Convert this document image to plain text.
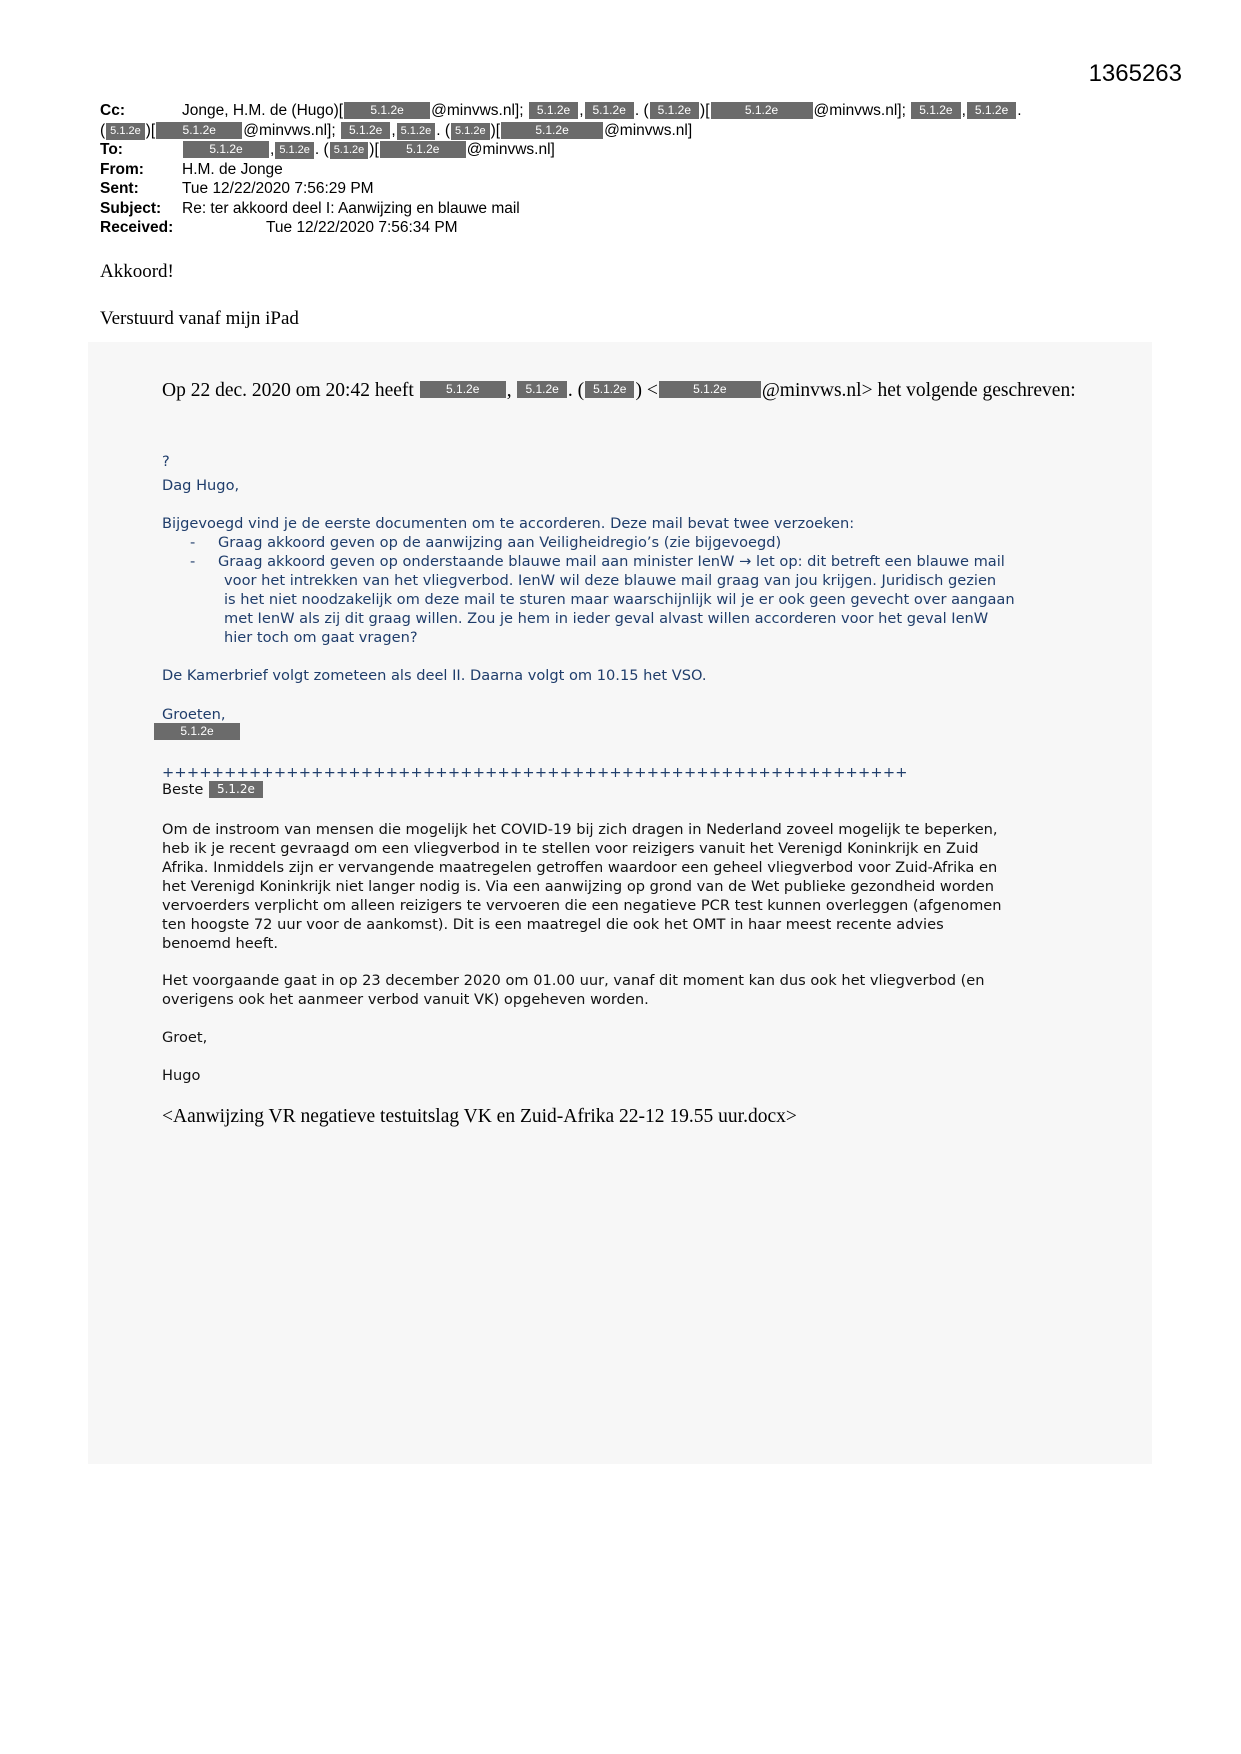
1365263
Cc:	Jonge, H.M. de (Hugo)[ 5.1.2e @minvws.nl]; 5.1.2e , 5.1.2e . ( 5.1.2e )[	5.1.2e @minvws.nl]; 5.1.2e , 5.1.2e .
( 5.1.2e )[ 5.1.2e @minvws.nl]; 5.1.2e , 5.1.2e . ( 5.1.2e )[	5.1.2e @minvws.nl]
To:	5.1.2e , 5.1.2e . ( 5.1.2e )[ 5.1.2e @minvws.nl]
From:	H.M. de Jonge
Sent:	Tue 12/22/2020 7:56:29 PM
Subject:	Re: ter akkoord deel I: Aanwijzing en blauwe mail
Received:	Tue 12/22/2020 7:56:34 PM
Akkoord!
Verstuurd vanaf mijn iPad
Op 22 dec. 2020 om 20:42 heeft	5.1.2e , 5.1.2e . ( 5.1.2e ) <	5.1.2e @minvws.nl> het volgende geschreven:
?
Dag Hugo,
Bijgevoegd vind je de eerste documenten om te accorderen. Deze mail bevat twee verzoeken:
-	Graag akkoord geven op de aanwijzing aan Veiligheidregio’s (zie bijgevoegd)
-	Graag akkoord geven op onderstaande blauwe mail aan minister IenW → let op: dit betreft een blauwe mail
voor het intrekken van het vliegverbod. IenW wil deze blauwe mail graag van jou krijgen. Juridisch gezien
is het niet noodzakelijk om deze mail te sturen maar waarschijnlijk wil je er ook geen gevecht over aangaan
met IenW als zij dit graag willen. Zou je hem in ieder geval alvast willen accorderen voor het geval IenW
hier toch om gaat vragen?
De Kamerbrief volgt zometeen als deel II. Daarna volgt om 10.15 het VSO.
Groeten,
5.1.2e
++++++++++++++++++++++++++++++++++++++++++++++++++++++++++++
Beste 5.1.2e
Om de instroom van mensen die mogelijk het COVID-19 bij zich dragen in Nederland zoveel mogelijk te beperken,
heb ik je recent gevraagd om een vliegverbod in te stellen voor reizigers vanuit het Verenigd Koninkrijk en Zuid
Afrika. Inmiddels zijn er vervangende maatregelen getroffen waardoor een geheel vliegverbod voor Zuid-Afrika en
het Verenigd Koninkrijk niet langer nodig is. Via een aanwijzing op grond van de Wet publieke gezondheid worden
vervoerders verplicht om alleen reizigers te vervoeren die een negatieve PCR test kunnen overleggen (afgenomen
ten hoogste 72 uur voor de aankomst). Dit is een maatregel die ook het OMT in haar meest recente advies
benoemd heeft.
Het voorgaande gaat in op 23 december 2020 om 01.00 uur, vanaf dit moment kan dus ook het vliegverbod (en
overigens ook het aanmeer verbod vanuit VK) opgeheven worden.
Groet,
Hugo
<Aanwijzing VR negatieve testuitslag VK en Zuid-Afrika 22-12 19.55 uur.docx>
